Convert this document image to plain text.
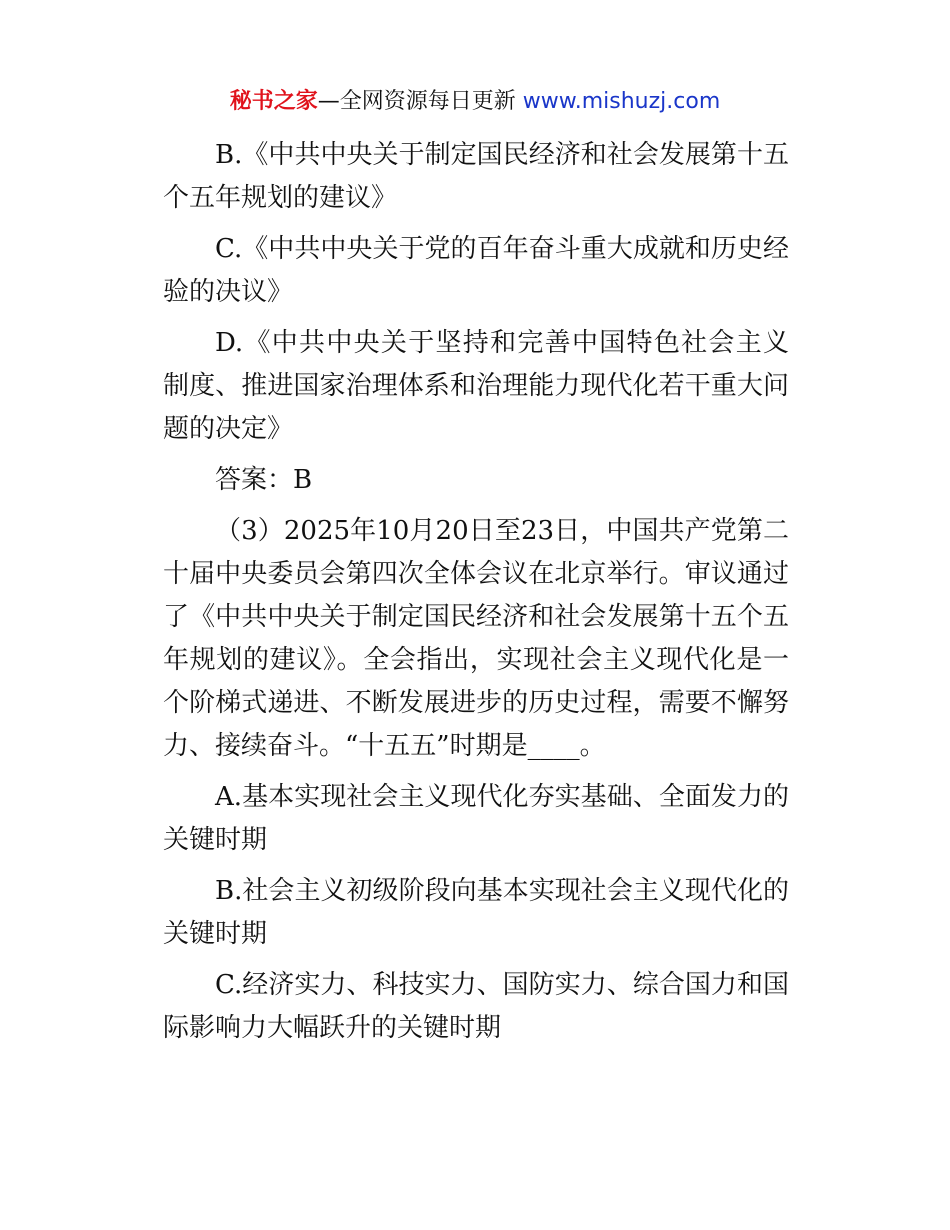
秘书之家—全网资源每日更新 www.mishuzj.com

B.《中共中央关于制定国民经济和社会发展第十五个五年规划的建议》

C.《中共中央关于党的百年奋斗重大成就和历史经验的决议》

D.《中共中央关于坚持和完善中国特色社会主义制度、推进国家治理体系和治理能力现代化若干重大问题的决定》

答案：B

（3）2025年10月20日至23日，中国共产党第二十届中央委员会第四次全体会议在北京举行。审议通过了《中共中央关于制定国民经济和社会发展第十五个五年规划的建议》。全会指出，实现社会主义现代化是一个阶梯式递进、不断发展进步的历史过程，需要不懈努力、接续奋斗。“十五五”时期是____。

A.基本实现社会主义现代化夯实基础、全面发力的关键时期

B.社会主义初级阶段向基本实现社会主义现代化的关键时期

C.经济实力、科技实力、国防实力、综合国力和国际影响力大幅跃升的关键时期
